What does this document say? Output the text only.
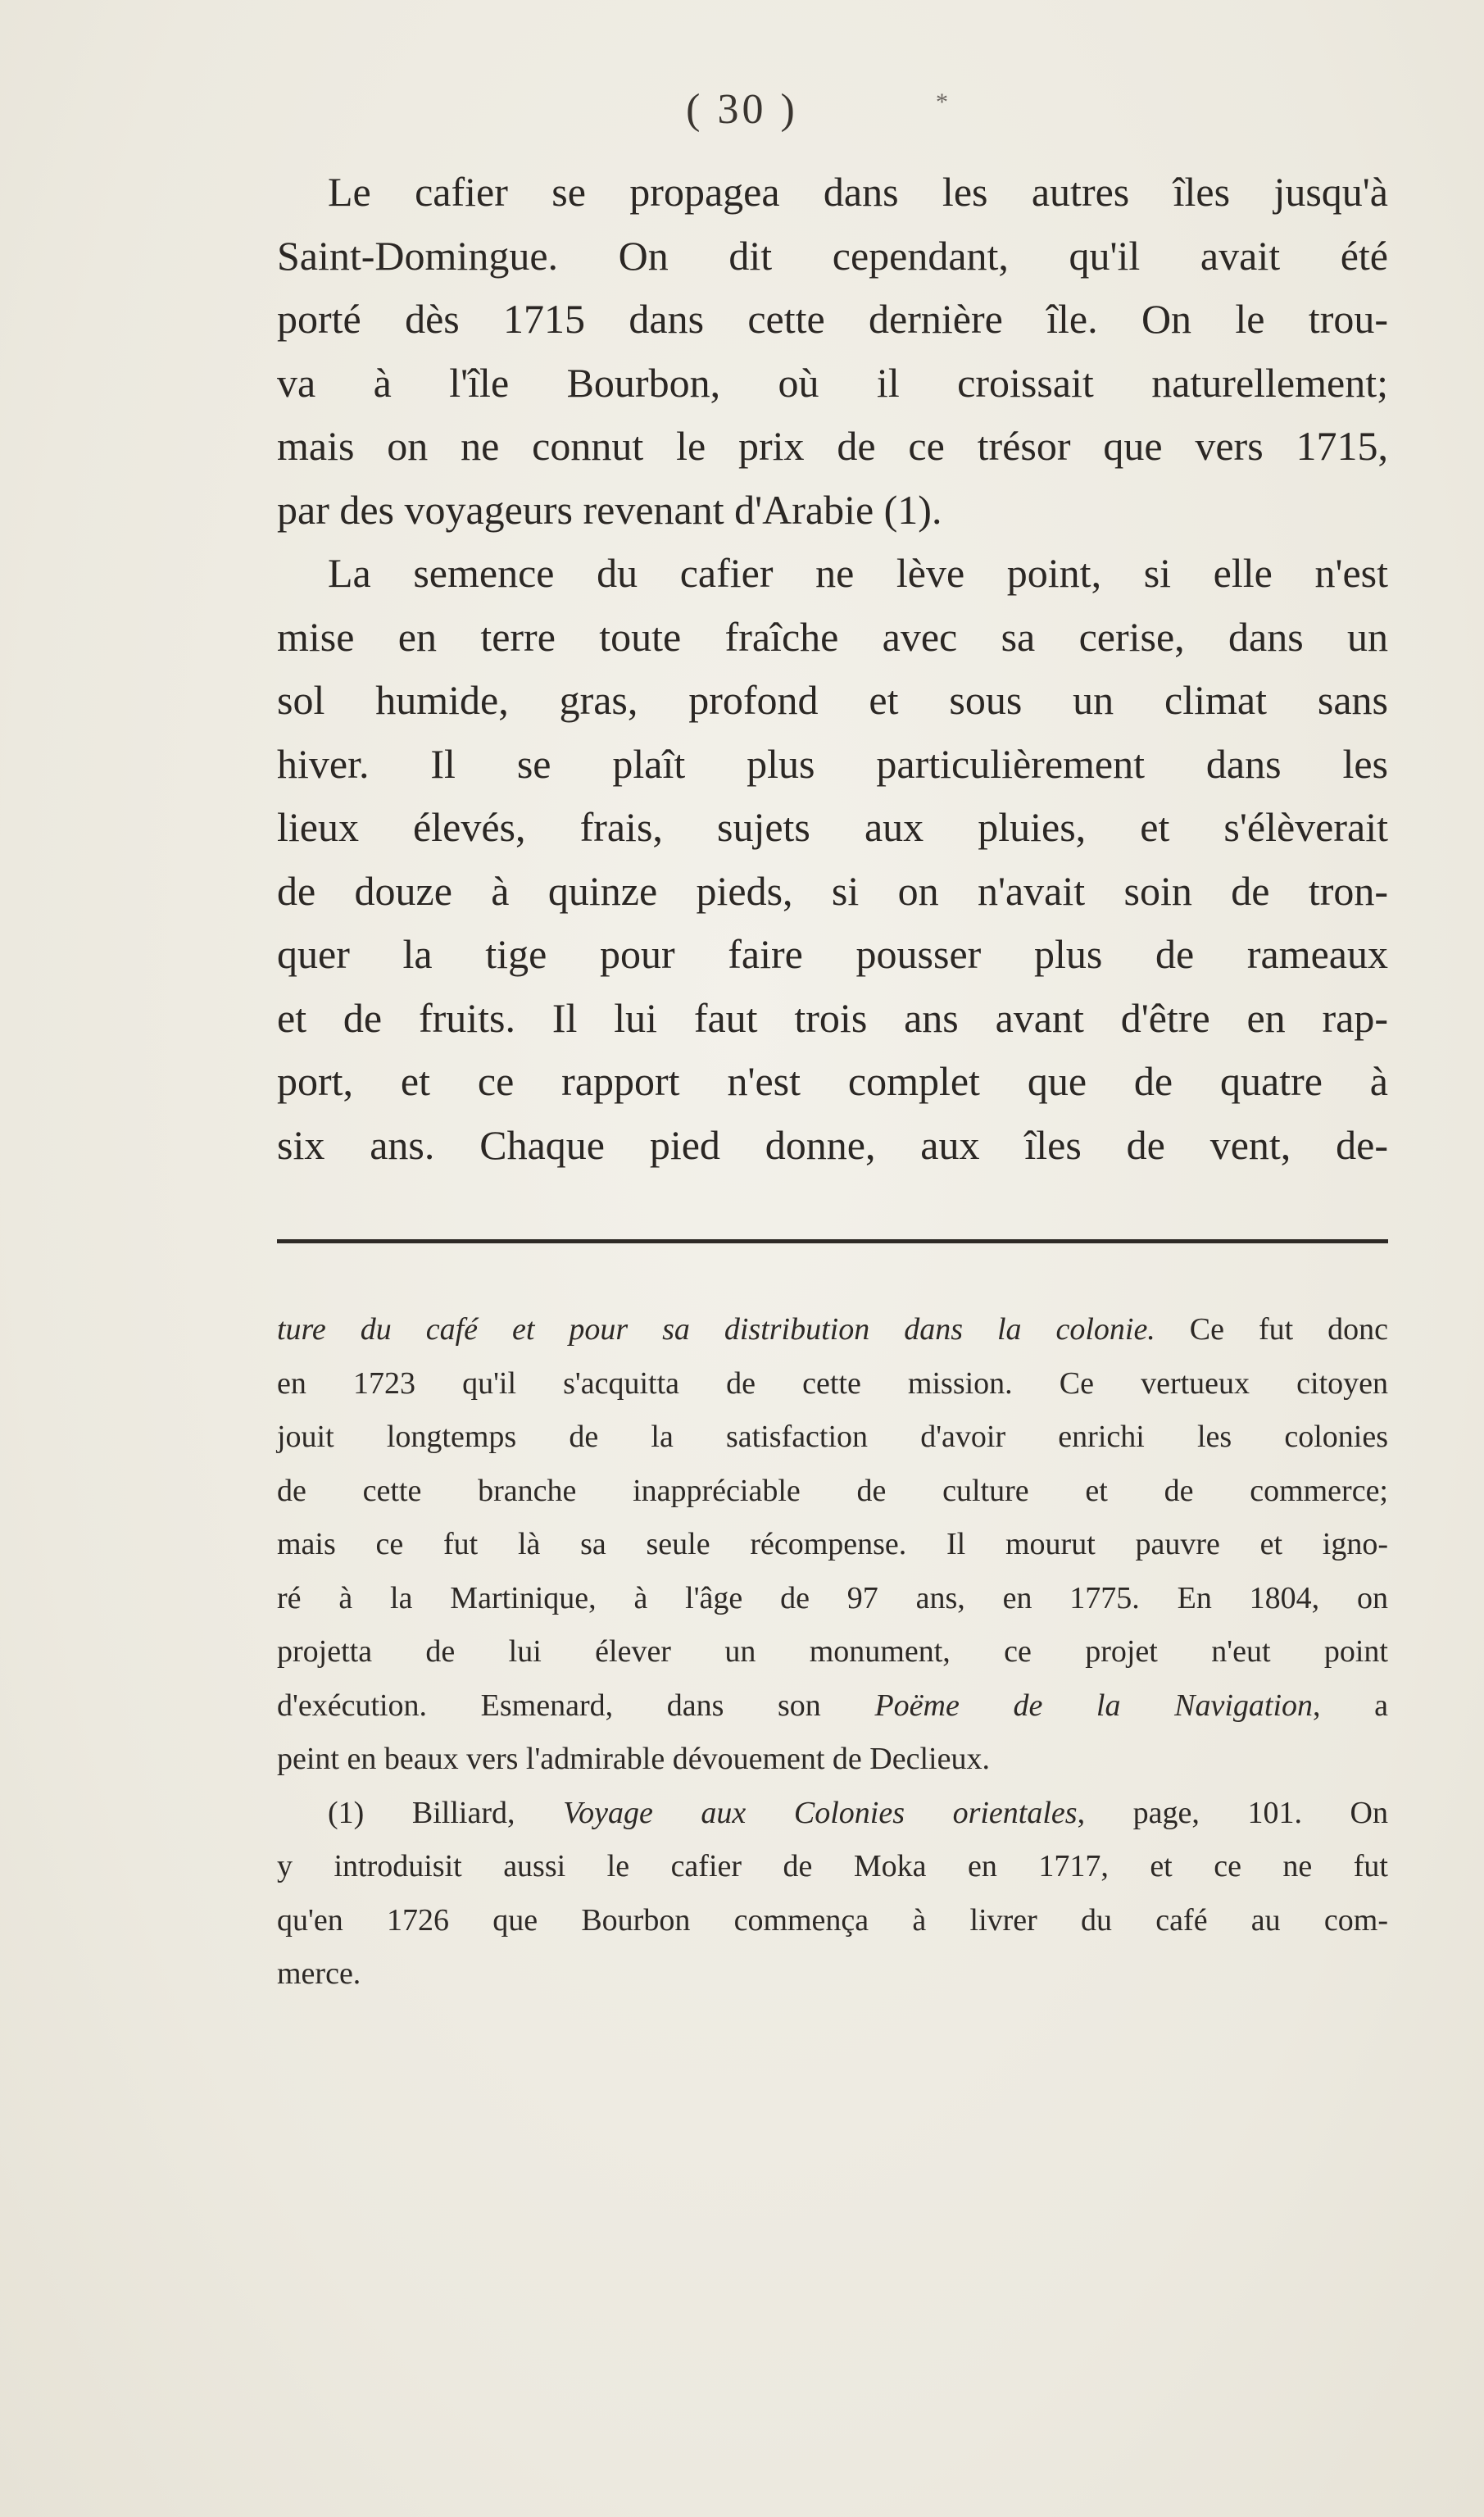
( 30 )	*
Le cafier se propagea dans les autres îles jusqu'à
Saint-Domingue. On dit cependant, qu'il avait été
porté dès 1715 dans cette dernière île. On le trou-
va à l'île Bourbon, où il croissait naturellement;
mais on ne connut le prix de ce trésor que vers 1715,
par des voyageurs revenant d'Arabie (1).
La semence du cafier ne lève point, si elle n'est
mise en terre toute fraîche avec sa cerise, dans un
sol humide, gras, profond et sous un climat sans
hiver. Il se plaît plus particulièrement dans les
lieux élevés, frais, sujets aux pluies, et s'élèverait
de douze à quinze pieds, si on n'avait soin de tron-
quer la tige pour faire pousser plus de rameaux
et de fruits. Il lui faut trois ans avant d'être en rap-
port, et ce rapport n'est complet que de quatre à
six ans. Chaque pied donne, aux îles de vent, de-
ture du café et pour sa distribution dans la colonie. Ce fut donc
en 1723 qu'il s'acquitta de cette mission. Ce vertueux citoyen
jouit longtemps de la satisfaction d'avoir enrichi les colonies
de cette branche inappréciable de culture et de commerce;
mais ce fut là sa seule récompense. Il mourut pauvre et igno-
ré à la Martinique, à l'âge de 97 ans, en 1775. En 1804, on
projetta de lui élever un monument, ce projet n'eut point
d'exécution. Esmenard, dans son Poëme de la Navigation, a
peint en beaux vers l'admirable dévouement de Declieux.
(1) Billiard, Voyage aux Colonies orientales, page, 101. On
y introduisit aussi le cafier de Moka en 1717, et ce ne fut
qu'en 1726 que Bourbon commença à livrer du café au com-
merce.
